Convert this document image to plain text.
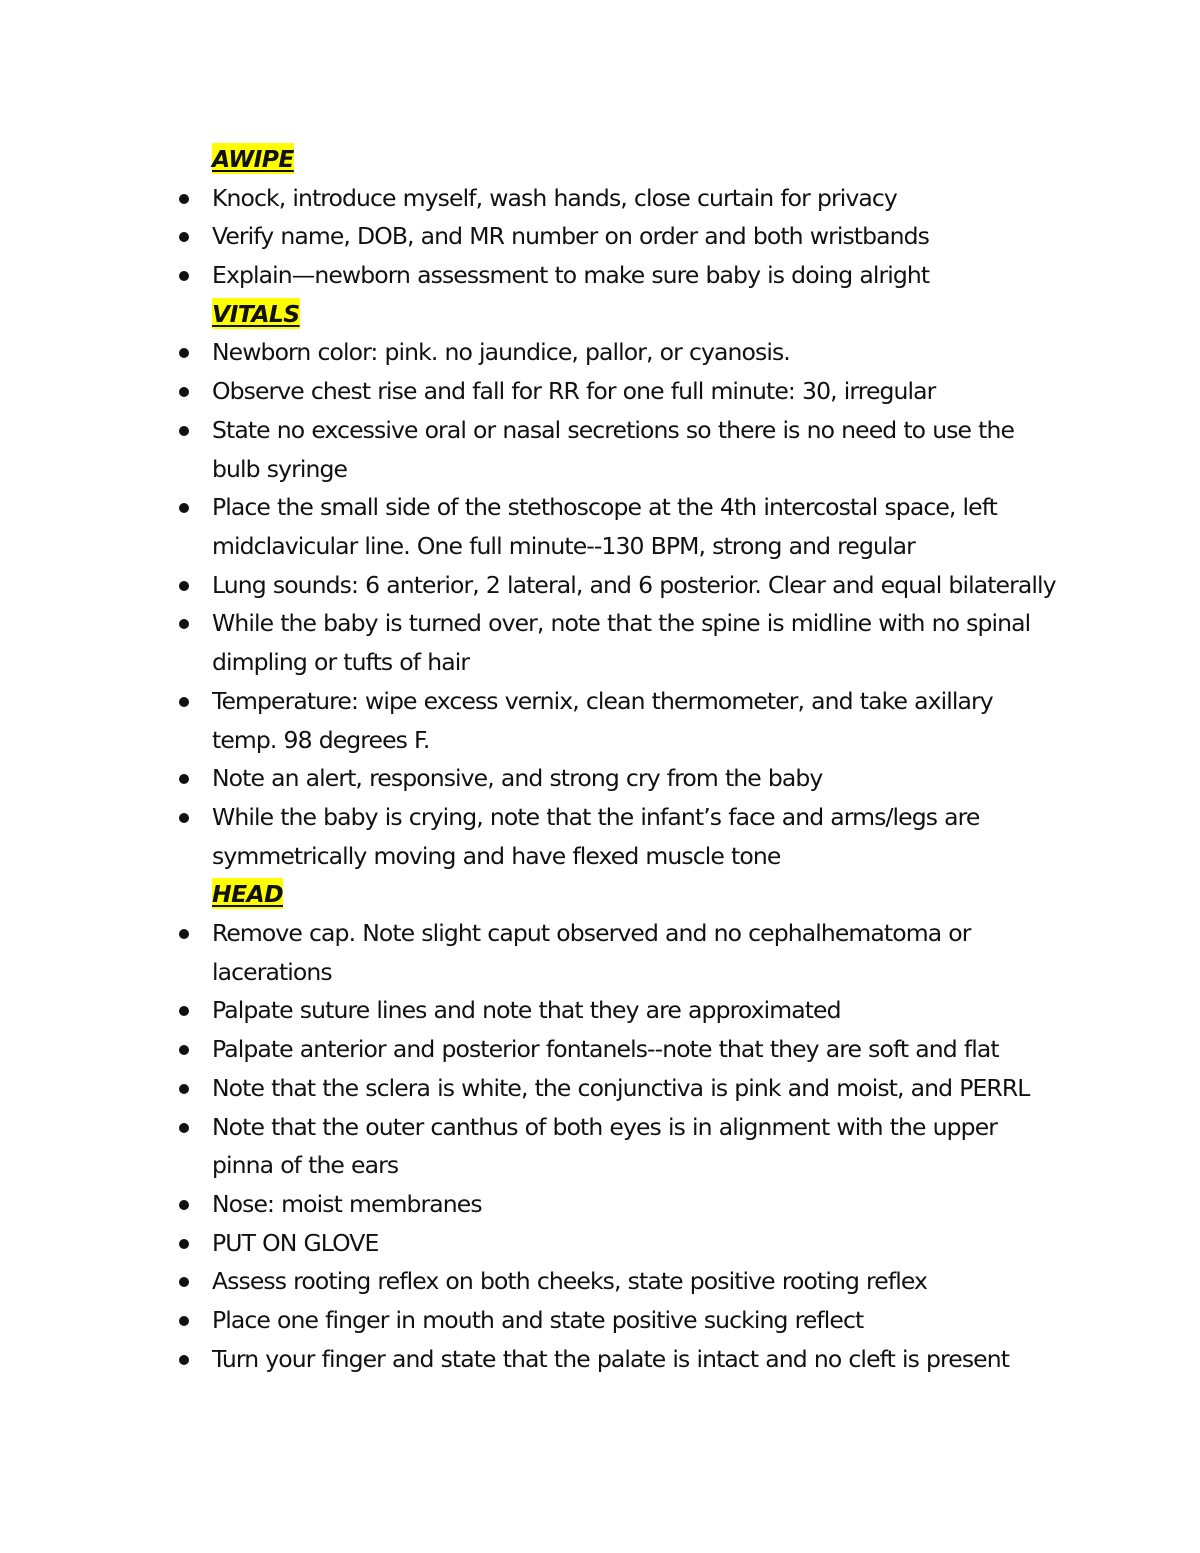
AWIPE
Knock, introduce myself, wash hands, close curtain for privacy
Verify name, DOB, and MR number on order and both wristbands
Explain—newborn assessment to make sure baby is doing alright
VITALS
Newborn color: pink. no jaundice, pallor, or cyanosis.
Observe chest rise and fall for RR for one full minute: 30, irregular
State no excessive oral or nasal secretions so there is no need to use the bulb syringe
Place the small side of the stethoscope at the 4th intercostal space, left midclavicular line. One full minute--130 BPM, strong and regular
Lung sounds: 6 anterior, 2 lateral, and 6 posterior. Clear and equal bilaterally
While the baby is turned over, note that the spine is midline with no spinal dimpling or tufts of hair
Temperature: wipe excess vernix, clean thermometer, and take axillary temp. 98 degrees F.
Note an alert, responsive, and strong cry from the baby
While the baby is crying, note that the infant’s face and arms/legs are symmetrically moving and have flexed muscle tone
HEAD
Remove cap. Note slight caput observed and no cephalhematoma or lacerations
Palpate suture lines and note that they are approximated
Palpate anterior and posterior fontanels--note that they are soft and flat
Note that the sclera is white, the conjunctiva is pink and moist, and PERRL
Note that the outer canthus of both eyes is in alignment with the upper pinna of the ears
Nose: moist membranes
PUT ON GLOVE
Assess rooting reflex on both cheeks, state positive rooting reflex
Place one finger in mouth and state positive sucking reflect
Turn your finger and state that the palate is intact and no cleft is present
